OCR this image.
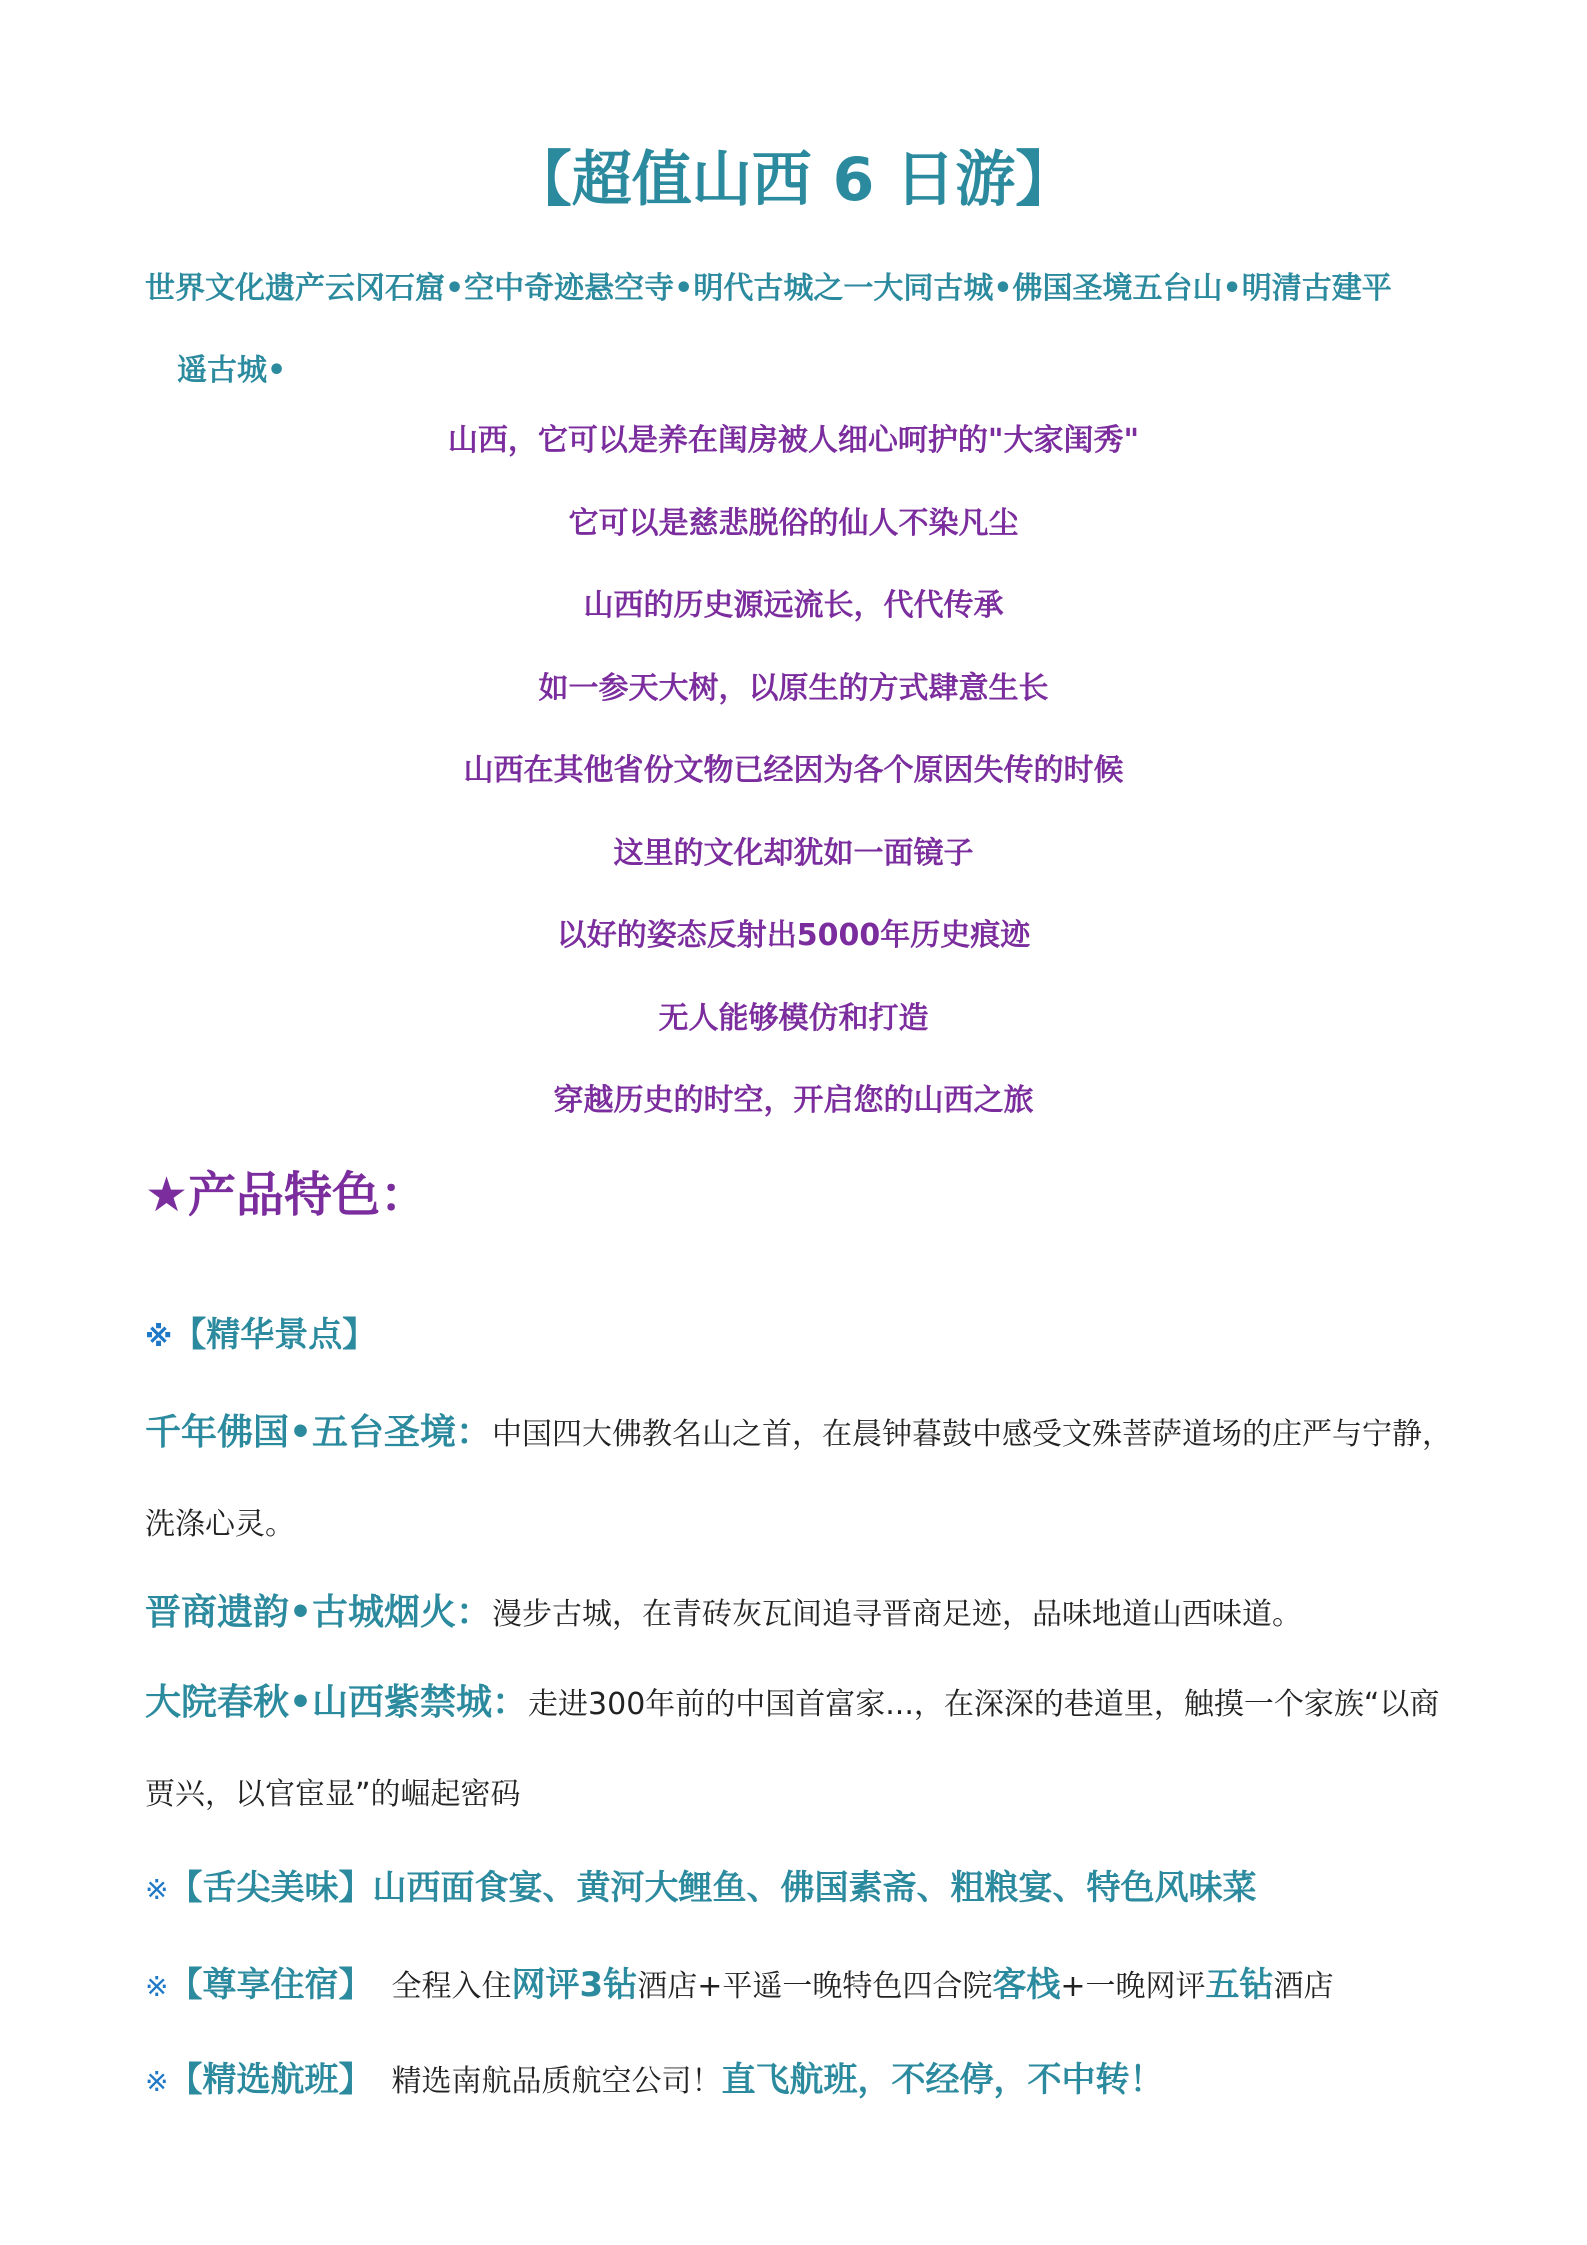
【超值山西 6 日游】
世界文化遗产云冈石窟•空中奇迹悬空寺•明代古城之一大同古城•佛国圣境五台山•明清古建平
遥古城•
山西，它可以是养在闺房被人细心呵护的"大家闺秀"
它可以是慈悲脱俗的仙人不染凡尘
山西的历史源远流长，代代传承
如一参天大树，以原生的方式肆意生长
山西在其他省份文物已经因为各个原因失传的时候
这里的文化却犹如一面镜子
以好的姿态反射出5000年历史痕迹
无人能够模仿和打造
穿越历史的时空，开启您的山西之旅
★产品特色：
※【精华景点】
千年佛国•五台圣境：中国四大佛教名山之首，在晨钟暮鼓中感受文殊菩萨道场的庄严与宁静，洗涤心灵。
晋商遗韵•古城烟火：漫步古城，在青砖灰瓦间追寻晋商足迹，品味地道山西味道。
大院春秋•山西紫禁城：走进300年前的中国首富家...，在深深的巷道里，触摸一个家族“以商贾兴，以官宦显”的崛起密码
※【舌尖美味】山西面食宴、黄河大鲤鱼、佛国素斋、粗粮宴、特色风味菜
※【尊享住宿】 全程入住网评3钻酒店+平遥一晚特色四合院客栈+一晚网评五钻酒店
※【精选航班】 精选南航品质航空公司！直飞航班，不经停，不中转！
